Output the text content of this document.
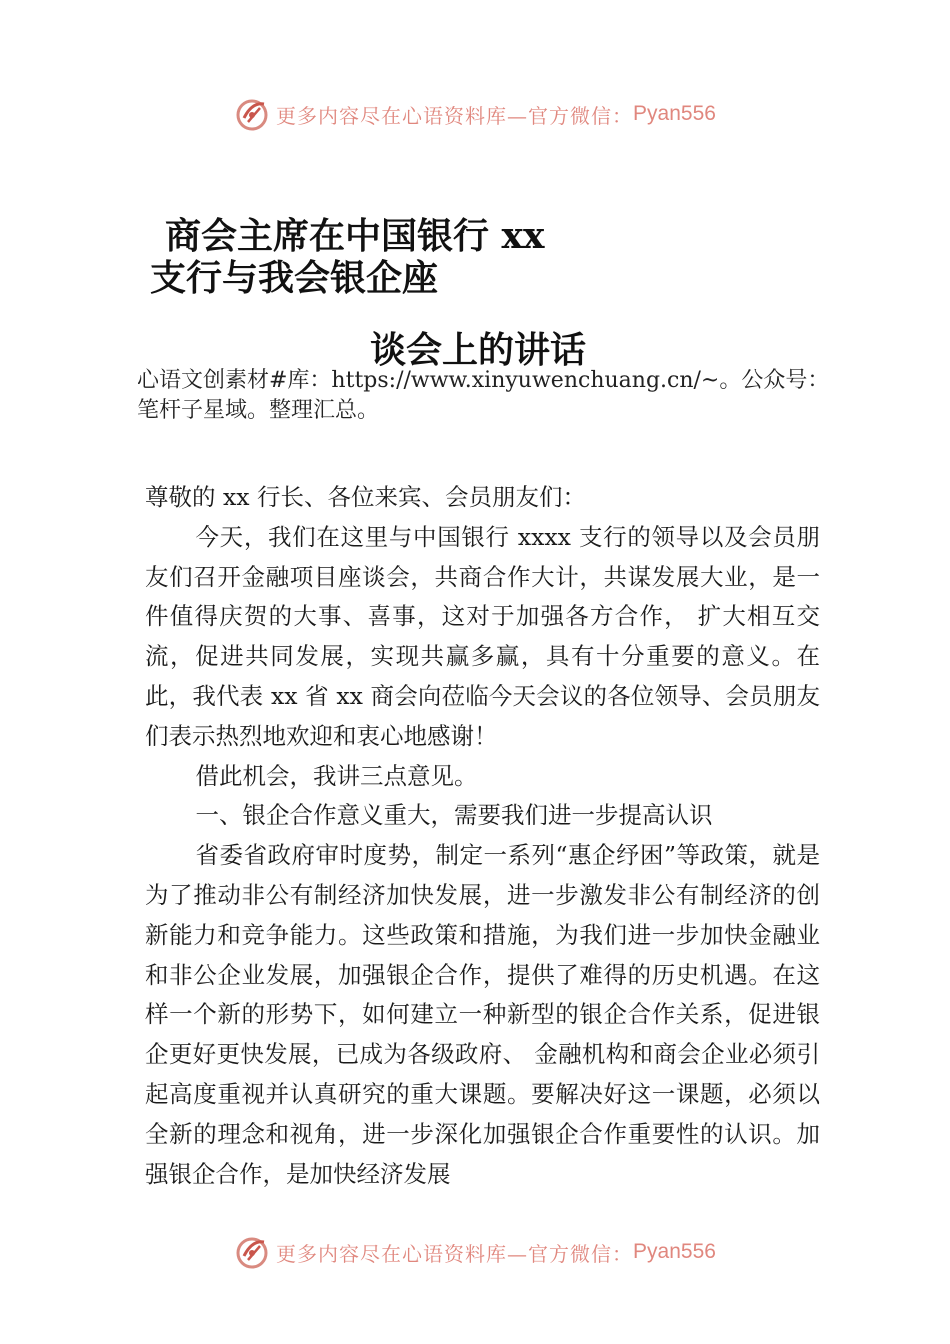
更多内容尽在心语资料库—官方微信： Pyan556
商会主席在中国银行 xx
支行与我会银企座
谈会上的讲话
心语文创素材#库：https://www.xinyuwenchuang.cn/~。公众号：笔杆子星域。整理汇总。

尊敬的 xx 行长、各位来宾、会员朋友们：

今天，我们在这里与中国银行 xxxx 支行的领导以及会员朋友们召开金融项目座谈会，共商合作大计，共谋发展大业，是一件值得庆贺的大事、喜事，这对于加强各方合作， 扩大相互交流，促进共同发展，实现共赢多赢，具有十分重要的意义。在此，我代表 xx 省 xx 商会向莅临今天会议的各位领导、会员朋友们表示热烈地欢迎和衷心地感谢！

借此机会，我讲三点意见。

一、银企合作意义重大，需要我们进一步提高认识

省委省政府审时度势，制定一系列“惠企纾困”等政策，就是为了推动非公有制经济加快发展，进一步激发非公有制经济的创新能力和竞争能力。这些政策和措施，为我们进一步加快金融业和非公企业发展，加强银企合作，提供了难得的历史机遇。在这样一个新的形势下，如何建立一种新型的银企合作关系，促进银企更好更快发展，已成为各级政府、 金融机构和商会企业必须引起高度重视并认真研究的重大课题。要解决好这一课题，必须以全新的理念和视角，进一步深化加强银企合作重要性的认识。加强银企合作，是加快经济发展

更多内容尽在心语资料库—官方微信： Pyan556
